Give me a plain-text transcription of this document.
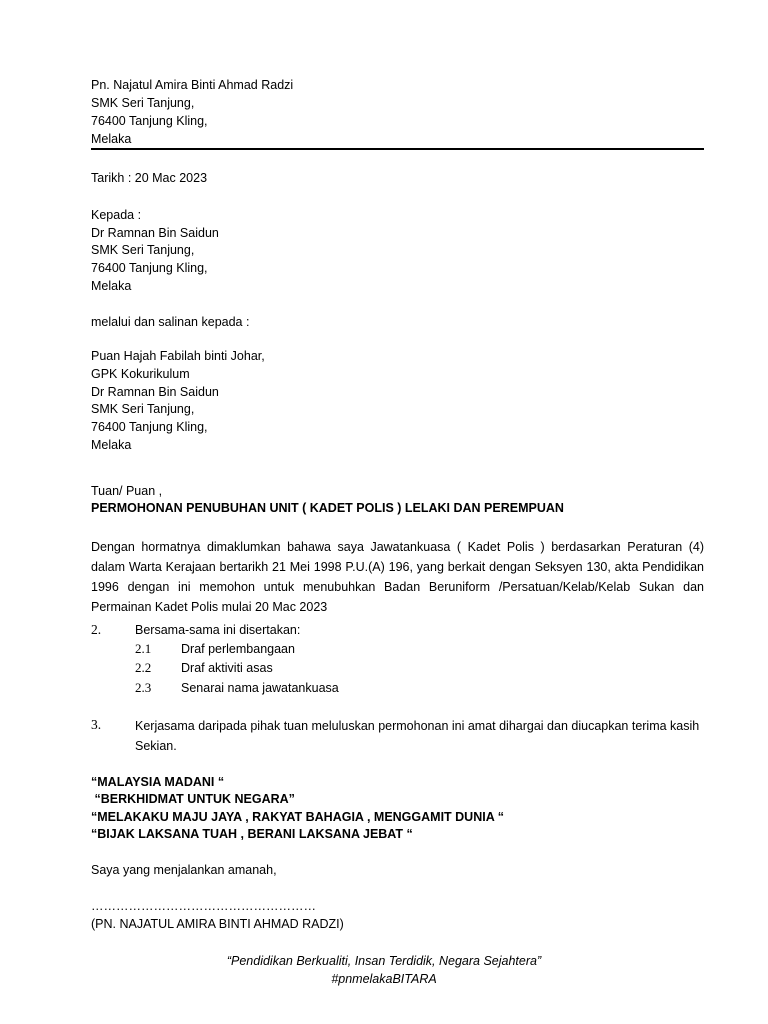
Pn. Najatul Amira Binti Ahmad Radzi
SMK Seri Tanjung,
76400 Tanjung Kling,
Melaka
Tarikh : 20 Mac 2023
Kepada :
Dr Ramnan Bin Saidun
SMK Seri Tanjung,
76400 Tanjung Kling,
Melaka
melalui dan salinan kepada :
Puan Hajah Fabilah binti Johar,
GPK Kokurikulum
Dr Ramnan Bin Saidun
SMK Seri Tanjung,
76400 Tanjung Kling,
Melaka
Tuan/ Puan ,
PERMOHONAN PENUBUHAN UNIT ( KADET POLIS ) LELAKI DAN PEREMPUAN
Dengan hormatnya dimaklumkan bahawa saya Jawatankuasa ( Kadet Polis ) berdasarkan Peraturan (4) dalam Warta Kerajaan bertarikh 21 Mei 1998 P.U.(A) 196, yang berkait dengan Seksyen 130, akta Pendidikan 1996 dengan ini memohon untuk menubuhkan Badan Beruniform /Persatuan/Kelab/Kelab Sukan dan Permainan Kadet Polis mulai 20 Mac 2023
2.	Bersama-sama ini disertakan:
2.1 Draf perlembangaan
2.2 Draf aktiviti asas
2.3 Senarai nama jawatankuasa
3.	Kerjasama daripada pihak tuan meluluskan permohonan ini amat dihargai dan diucapkan terima kasih Sekian.
“MALAYSIA MADANI “
“BERKHIDMAT UNTUK NEGARA”
“MELAKAKU MAJU JAYA , RAKYAT BAHAGIA , MENGGAMIT DUNIA “
“BIJAK LAKSANA TUAH , BERANI LAKSANA JEBAT “
Saya yang menjalankan amanah,
………………………………………………
(PN. NAJATUL AMIRA BINTI AHMAD RADZI)
“Pendidikan Berkualiti, Insan Terdidik, Negara Sejahtera”
#pnmelakaBITARA
